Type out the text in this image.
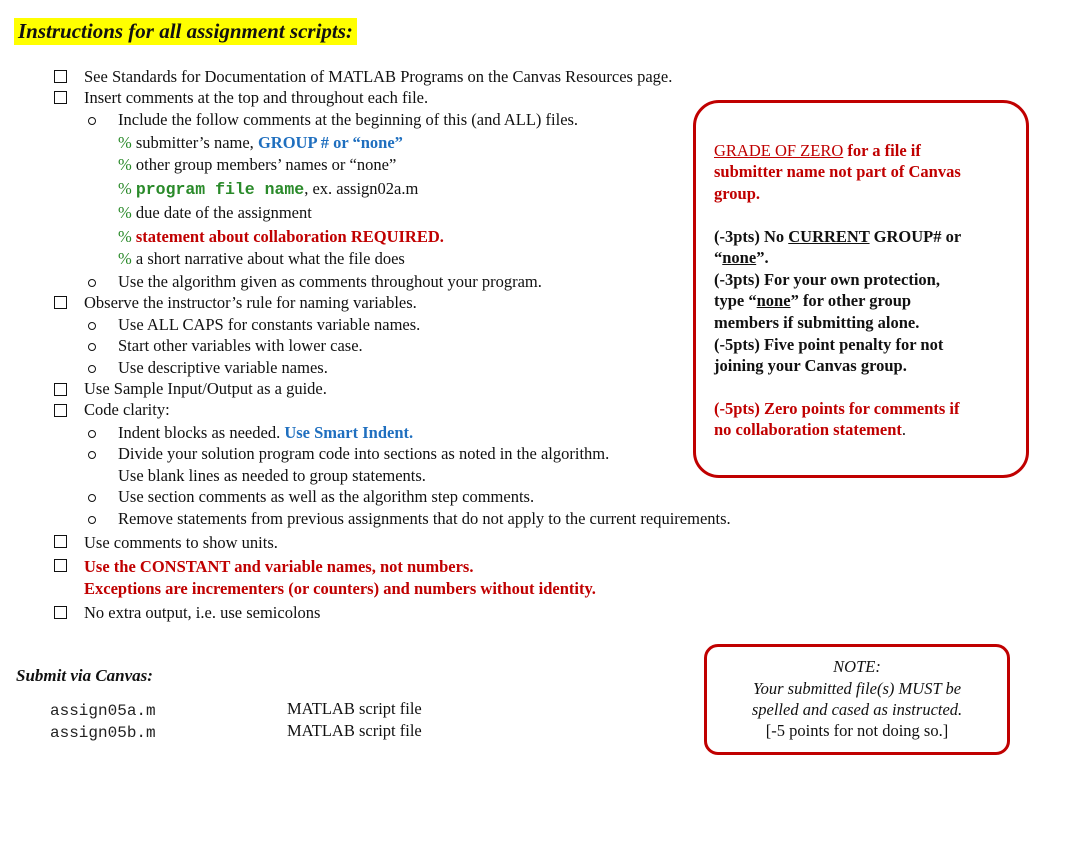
Instructions for all assignment scripts:
See Standards for Documentation of MATLAB Programs on the Canvas Resources page.
Insert comments at the top and throughout each file.
Include the follow comments at the beginning of this (and ALL) files.
% submitter’s name, GROUP # or “none”
% other group members’ names or “none”
% program file name, ex. assign02a.m
% due date of the assignment
% statement about collaboration REQUIRED.
% a short narrative about what the file does
Use the algorithm given as comments throughout your program.
Observe the instructor’s rule for naming variables.
Use ALL CAPS for constants variable names.
Start other variables with lower case.
Use descriptive variable names.
Use Sample Input/Output as a guide.
Code clarity:
Indent blocks as needed. Use Smart Indent.
Divide your solution program code into sections as noted in the algorithm.
Use blank lines as needed to group statements.
Use section comments as well as the algorithm step comments.
Remove statements from previous assignments that do not apply to the current requirements.
Use comments to show units.
Use the CONSTANT and variable names, not numbers.
Exceptions are incrementers (or counters) and numbers without identity.
No extra output, i.e. use semicolons
GRADE OF ZERO for a file if
submitter name not part of Canvas
group.
(-3pts) No CURRENT GROUP# or
“none”.
(-3pts) For your own protection,
type “none” for other group
members if submitting alone.
(-5pts) Five point penalty for not
joining your Canvas group.
(-5pts) Zero points for comments if
no collaboration statement.
Submit via Canvas:
assign05a.m	MATLAB script file
assign05b.m	MATLAB script file
NOTE:
Your submitted file(s) MUST be
spelled and cased as instructed.
[-5 points for not doing so.]
